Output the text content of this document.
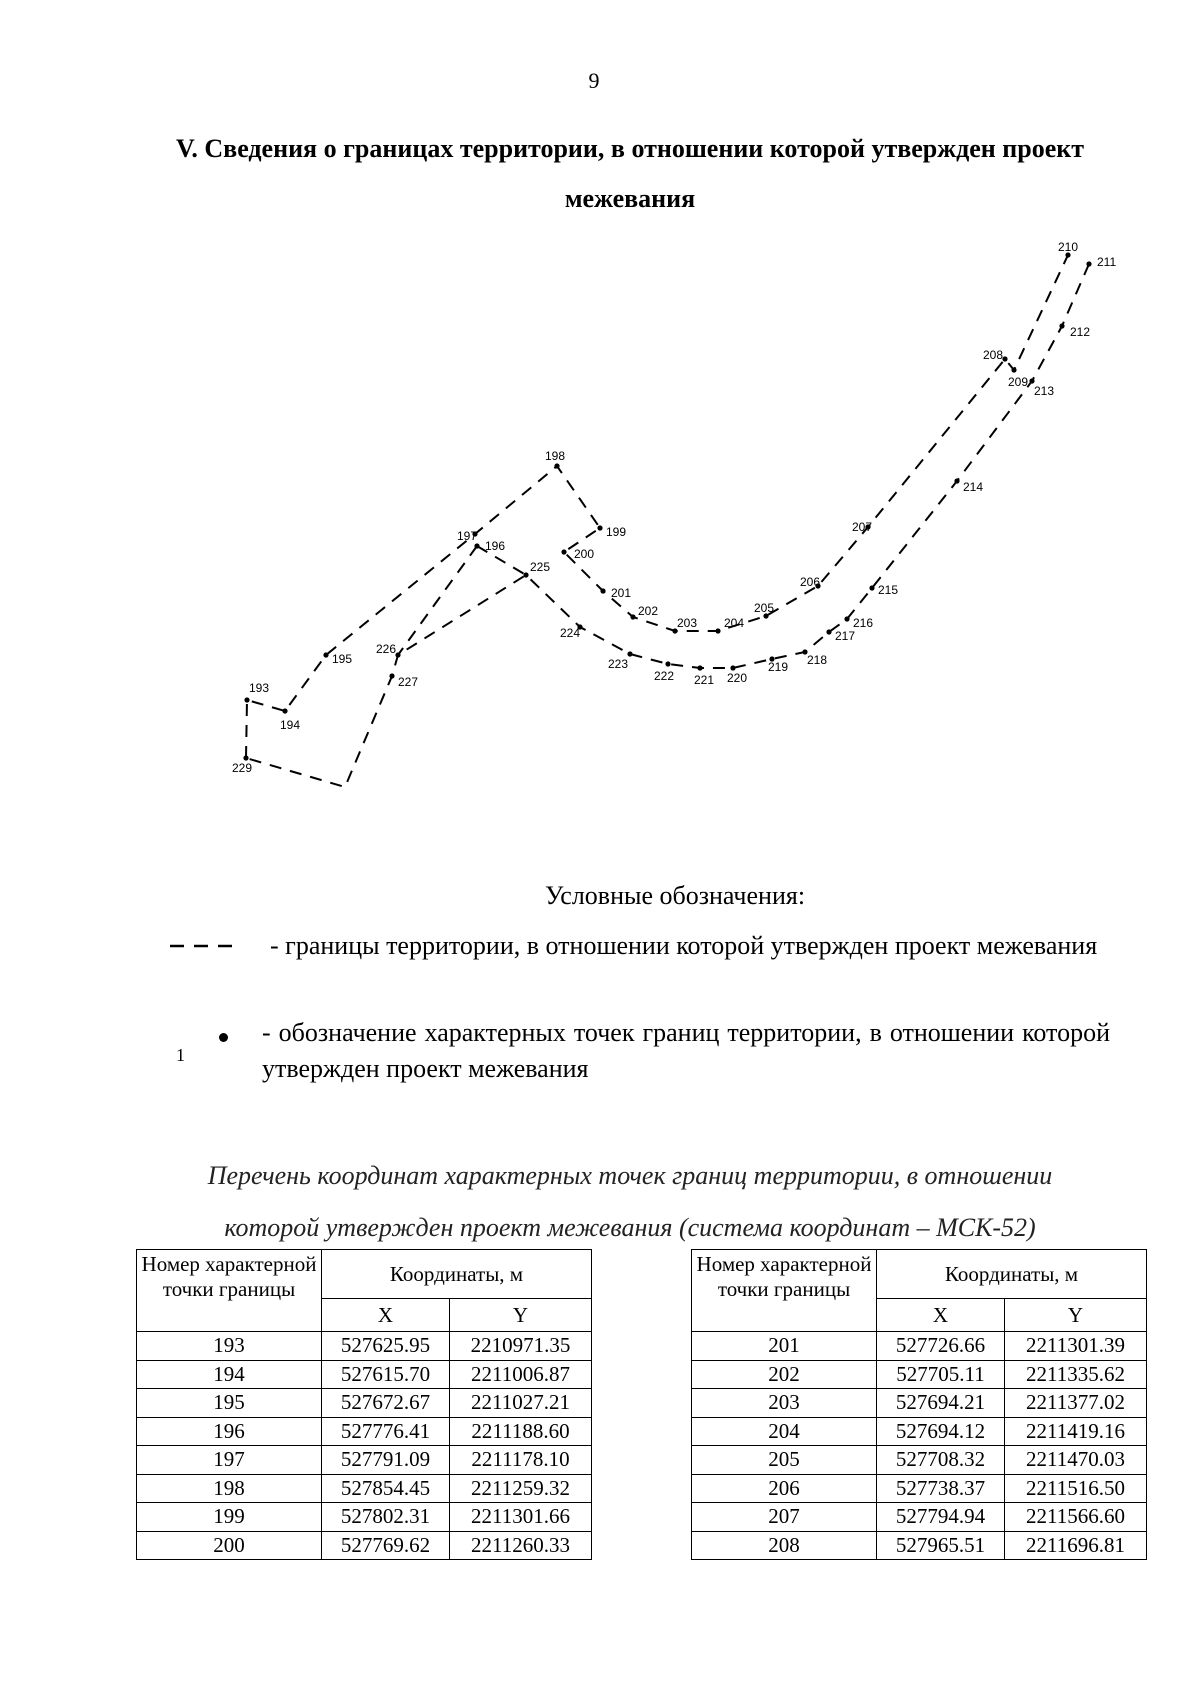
9
V. Сведения о границах территории, в отношении которой утвержден проект межевания
193
194
195
196
197
198
199
200
201
202
203 204
205
206
207
208
209
210
211
212
213
214
215
216
217
218
219
220
221
222
223
224
225
226
227
229
Условные обозначения:
- границы территории, в отношении которой утвержден проект межевания
1
- обозначение характерных точек границ территории, в отношении которой утвержден проект межевания
Перечень координат характерных точек границ территории, в отношении которой утвержден проект межевания (система координат – МСК-52)
Номер характерной точки границы	Координаты, м	
	X	Y
193	527625.95	2210971.35
194	527615.70	2211006.87
195	527672.67	2211027.21
196	527776.41	2211188.60
197	527791.09	2211178.10
198	527854.45	2211259.32
199	527802.31	2211301.66
200	527769.62	2211260.33
Номер характерной точки границы	Координаты, м	
	X	Y
201	527726.66	2211301.39
202	527705.11	2211335.62
203	527694.21	2211377.02
204	527694.12	2211419.16
205	527708.32	2211470.03
206	527738.37	2211516.50
207	527794.94	2211566.60
208	527965.51	2211696.81
